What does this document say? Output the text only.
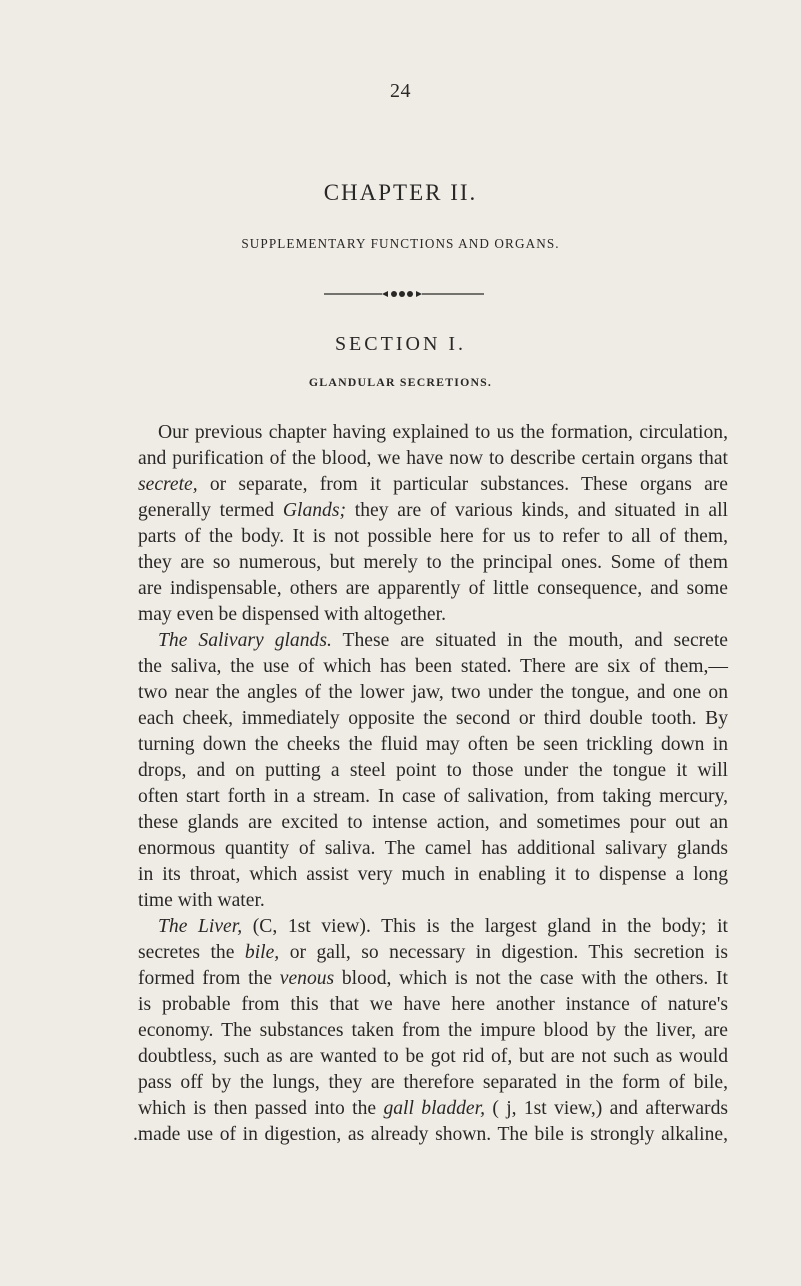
24
CHAPTER II.
SUPPLEMENTARY FUNCTIONS AND ORGANS.
SECTION I.
GLANDULAR SECRETIONS.
Our previous chapter having explained to us the formation, circulation,
and purification of the blood, we have now to describe certain organs that
secrete, or separate, from it particular substances. These organs are
generally termed Glands; they are of various kinds, and situated in all
parts of the body. It is not possible here for us to refer to all of them,
they are so numerous, but merely to the principal ones. Some of them
are indispensable, others are apparently of little consequence, and some
may even be dispensed with altogether.
The Salivary glands. These are situated in the mouth, and secrete
the saliva, the use of which has been stated. There are six of them,—
two near the angles of the lower jaw, two under the tongue, and one on
each cheek, immediately opposite the second or third double tooth. By
turning down the cheeks the fluid may often be seen trickling down in
drops, and on putting a steel point to those under the tongue it will
often start forth in a stream. In case of salivation, from taking mercury,
these glands are excited to intense action, and sometimes pour out an
enormous quantity of saliva. The camel has additional salivary glands
in its throat, which assist very much in enabling it to dispense a long
time with water.
The Liver, (C, 1st view). This is the largest gland in the body; it
secretes the bile, or gall, so necessary in digestion. This secretion is
formed from the venous blood, which is not the case with the others. It
is probable from this that we have here another instance of nature's
economy. The substances taken from the impure blood by the liver, are
doubtless, such as are wanted to be got rid of, but are not such as would
pass off by the lungs, they are therefore separated in the form of bile,
which is then passed into the gall bladder, ( j, 1st view,) and afterwards
.made use of in digestion, as already shown. The bile is strongly alkaline,
